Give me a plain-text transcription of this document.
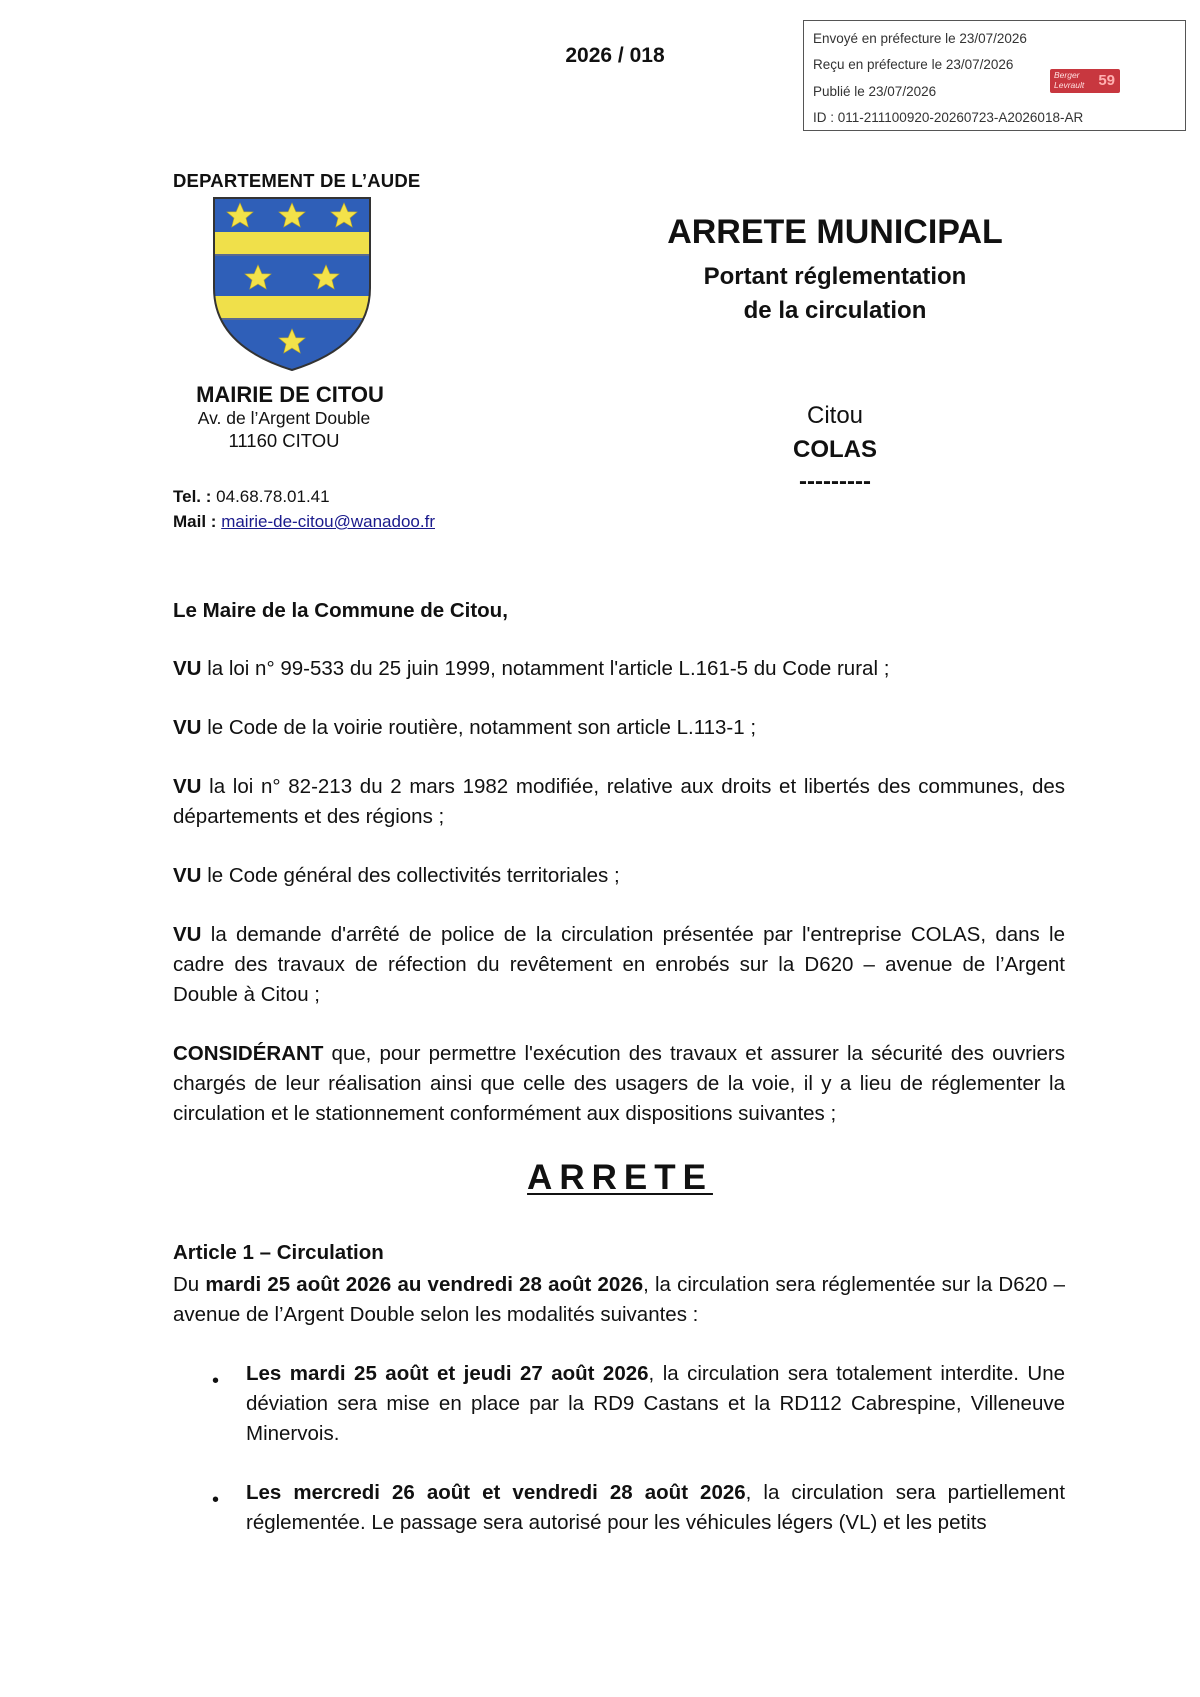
2026 / 018
Envoyé en préfecture le 23/07/2026
Reçu en préfecture le 23/07/2026
Publié le 23/07/2026
ID : 011-211100920-20260723-A2026018-AR
Berger
Levrault 59
DEPARTEMENT DE L’AUDE
MAIRIE DE CITOU
Av. de l’Argent Double
11160 CITOU
Tel. : 04.68.78.01.41
Mail : mairie-de-citou@wanadoo.fr
ARRETE MUNICIPAL
Portant réglementation
de la circulation
Citou
COLAS
---------
Le Maire de la Commune de Citou,
VU la loi n° 99-533 du 25 juin 1999, notamment l'article L.161-5 du Code rural ;
VU le Code de la voirie routière, notamment son article L.113-1 ;
VU la loi n° 82-213 du 2 mars 1982 modifiée, relative aux droits et libertés des communes, des départements et des régions ;
VU le Code général des collectivités territoriales ;
VU la demande d'arrêté de police de la circulation présentée par l'entreprise COLAS, dans le cadre des travaux de réfection du revêtement en enrobés sur la D620 – avenue de l’Argent Double à Citou ;
CONSIDÉRANT que, pour permettre l'exécution des travaux et assurer la sécurité des ouvriers chargés de leur réalisation ainsi que celle des usagers de la voie, il y a lieu de réglementer la circulation et le stationnement conformément aux dispositions suivantes ;
ARRETE
Article 1 – Circulation
Du mardi 25 août 2026 au vendredi 28 août 2026, la circulation sera réglementée sur la D620 – avenue de l’Argent Double selon les modalités suivantes :
• Les mardi 25 août et jeudi 27 août 2026, la circulation sera totalement interdite. Une déviation sera mise en place par la RD9 Castans et la RD112 Cabrespine, Villeneuve Minervois.
• Les mercredi 26 août et vendredi 28 août 2026, la circulation sera partiellement réglementée. Le passage sera autorisé pour les véhicules légers (VL) et les petits
